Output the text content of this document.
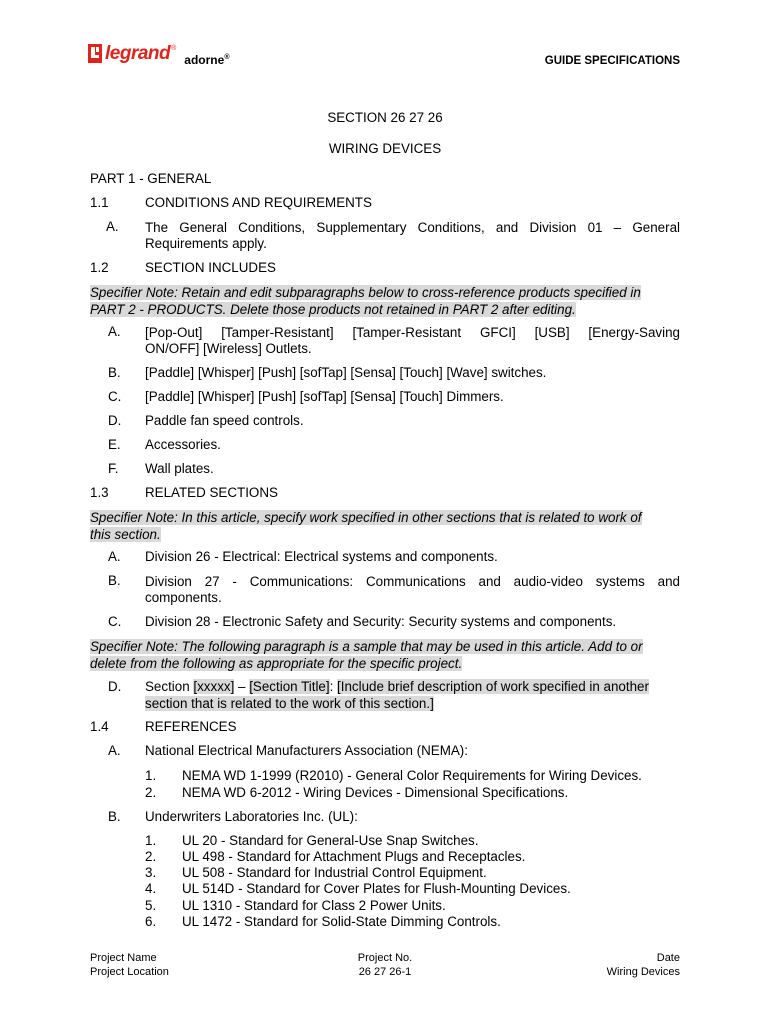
legrand ®
adorne®	GUIDE SPECIFICATIONS
SECTION 26 27 26
WIRING DEVICES
PART 1 - GENERAL
1.1	CONDITIONS AND REQUIREMENTS
A. The General Conditions, Supplementary Conditions, and Division 01 – General
Requirements apply.
1.2	SECTION INCLUDES
Specifier Note: Retain and edit subparagraphs below to cross-reference products specified in
PART 2 - PRODUCTS. Delete those products not retained in PART 2 after editing.
A. [Pop-Out] [Tamper-Resistant] [Tamper-Resistant GFCI] [USB] [Energy-Saving
ON/OFF] [Wireless] Outlets.
B. [Paddle] [Whisper] [Push] [sofTap] [Sensa] [Touch] [Wave] switches.
C. [Paddle] [Whisper] [Push] [sofTap] [Sensa] [Touch] Dimmers.
D. Paddle fan speed controls.
E. Accessories.
F. Wall plates.
1.3	RELATED SECTIONS
Specifier Note: In this article, specify work specified in other sections that is related to work of
this section.
A. Division 26 - Electrical: Electrical systems and components.
B. Division 27 - Communications: Communications and audio-video systems and
components.
C. Division 28 - Electronic Safety and Security: Security systems and components.
Specifier Note: The following paragraph is a sample that may be used in this article. Add to or
delete from the following as appropriate for the specific project.
D. Section [xxxxx] – [Section Title]: [Include brief description of work specified in another
section that is related to the work of this section.]
1.4	REFERENCES
A. National Electrical Manufacturers Association (NEMA):
1. NEMA WD 1-1999 (R2010) - General Color Requirements for Wiring Devices.
2. NEMA WD 6-2012 - Wiring Devices - Dimensional Specifications.
B. Underwriters Laboratories Inc. (UL):
1. UL 20 - Standard for General-Use Snap Switches.
2. UL 498 - Standard for Attachment Plugs and Receptacles.
3. UL 508 - Standard for Industrial Control Equipment.
4. UL 514D - Standard for Cover Plates for Flush-Mounting Devices.
5. UL 1310 - Standard for Class 2 Power Units.
6. UL 1472 - Standard for Solid-State Dimming Controls.
Project Name
Project Location
Project No.
26 27 26-1
Date
Wiring Devices
